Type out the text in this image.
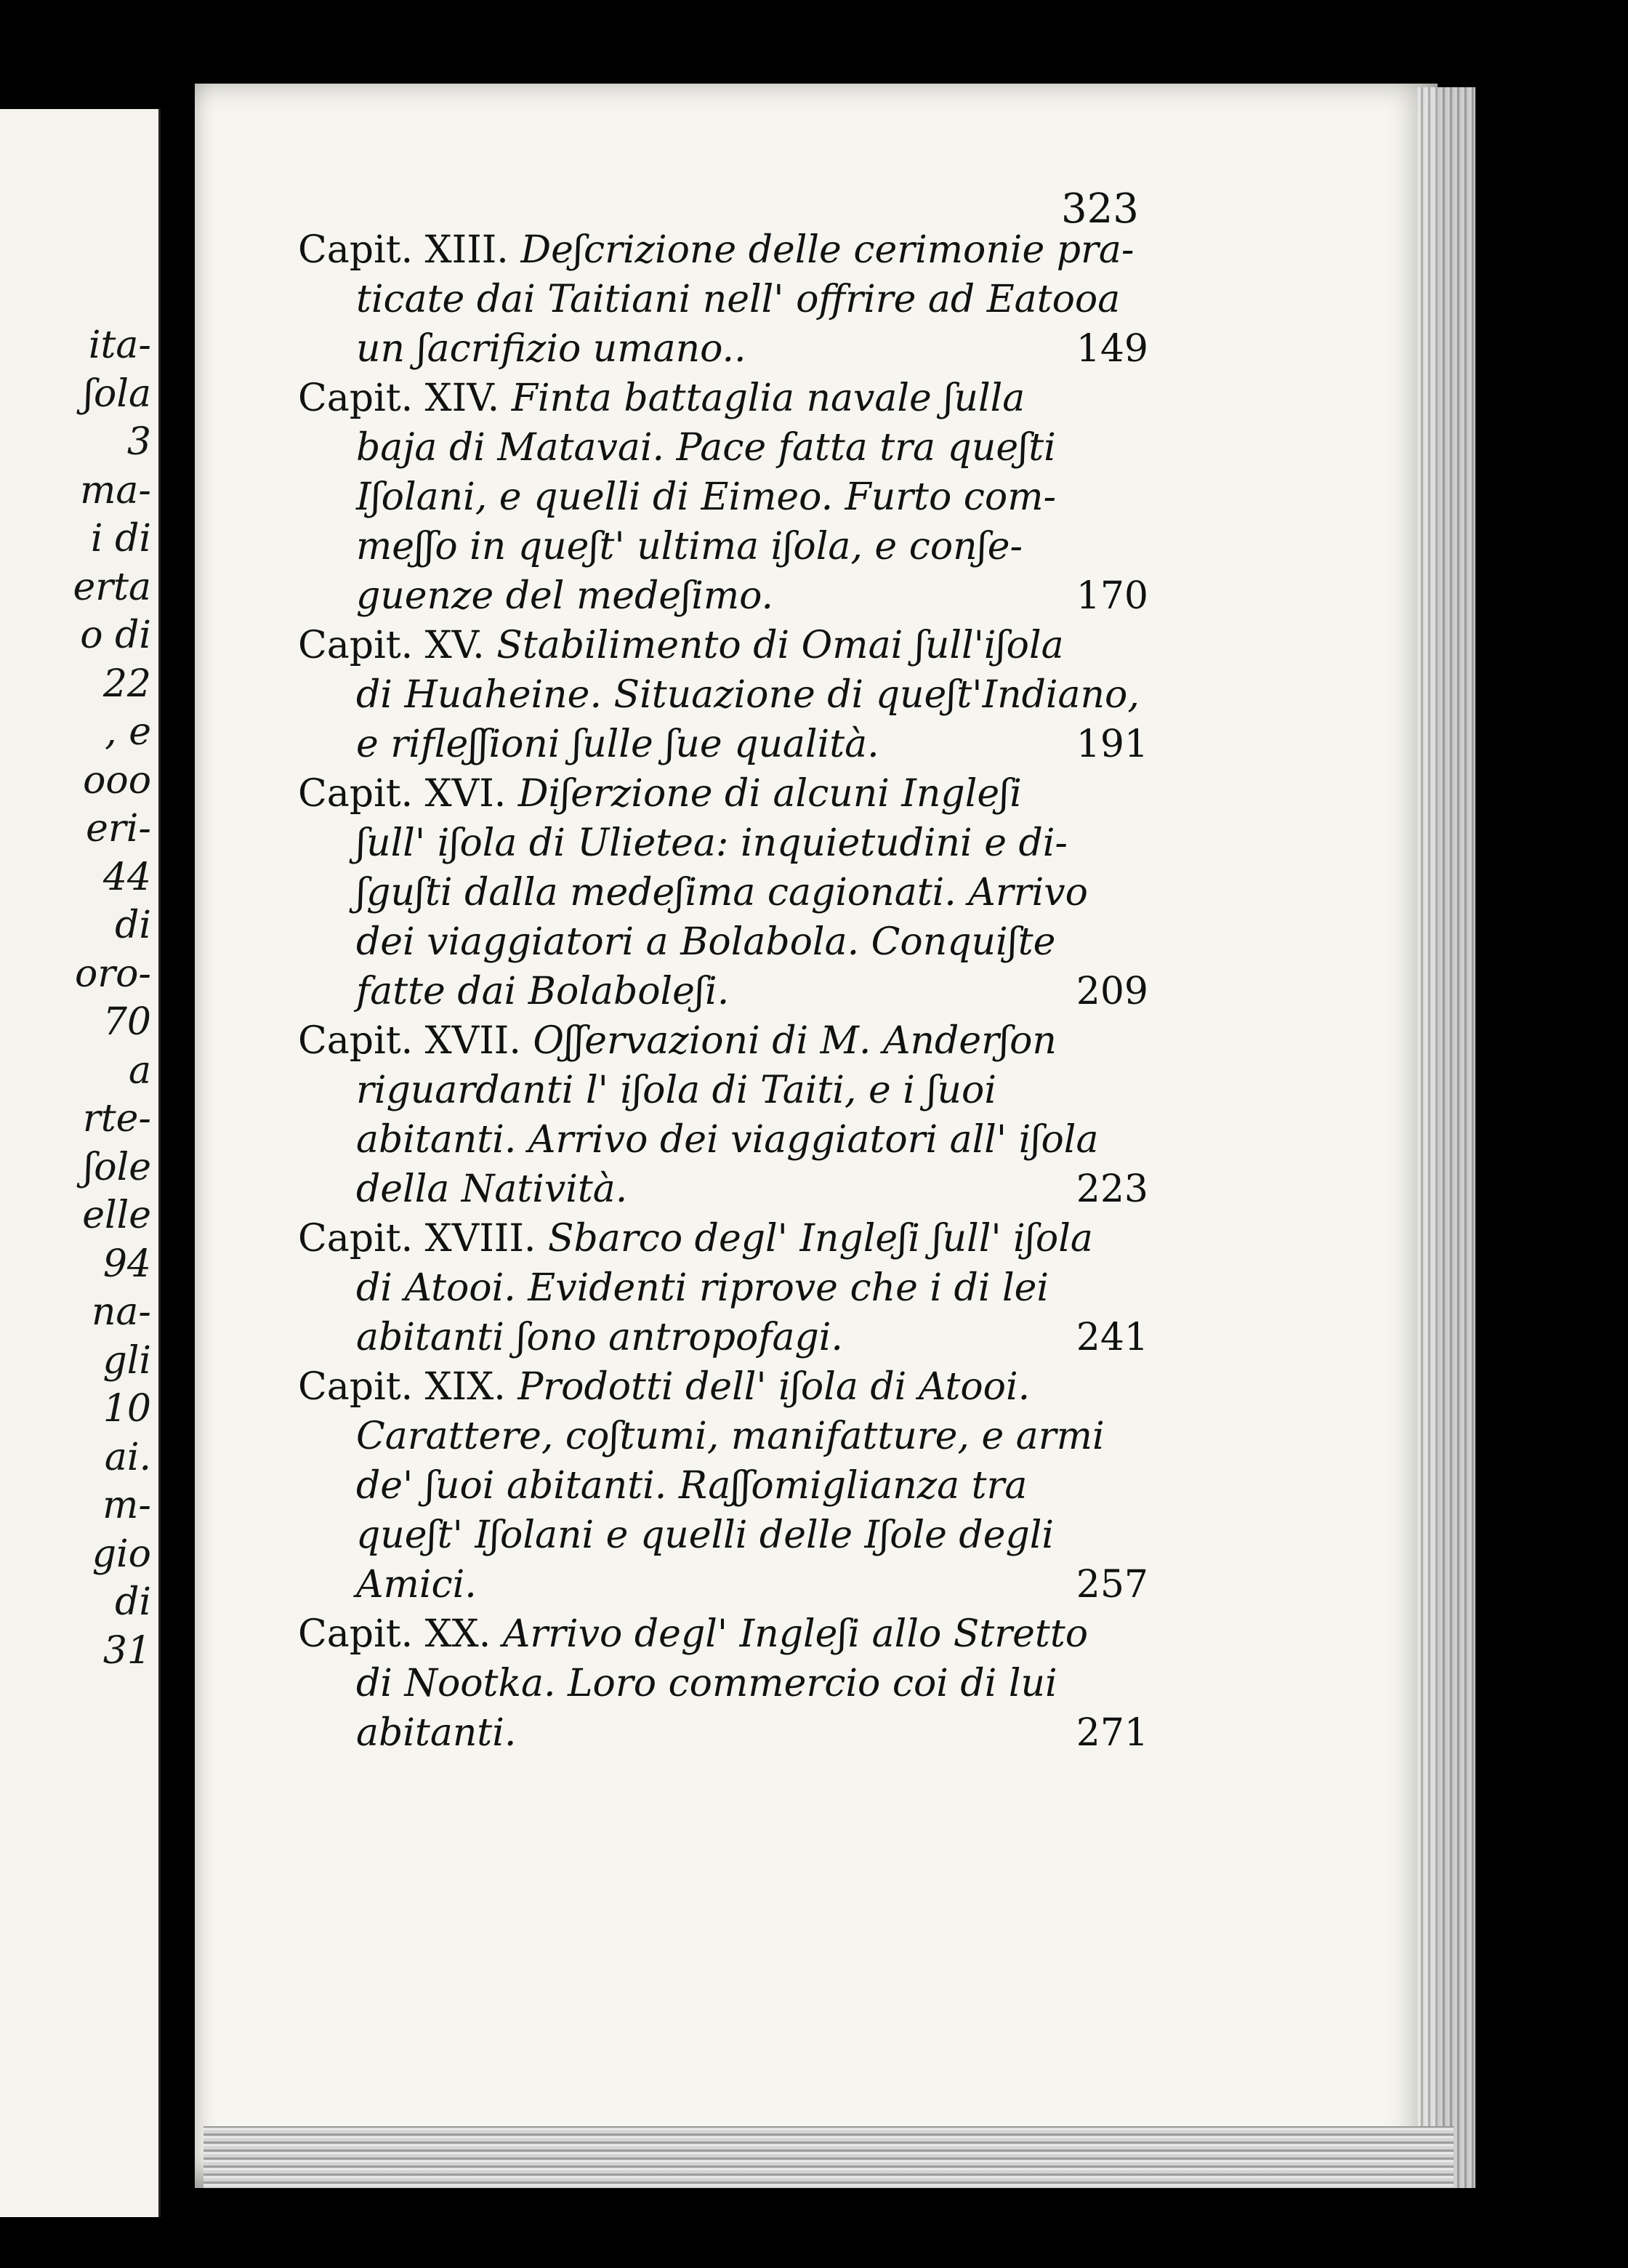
ita-
ʃola
3
ma-
i di
erta
o di
22
, e
ooo
eri-
44
di
oro-
70
a
rte-
ʃole
elle
94
na-
gli
10
ai.
m-
gio
di
31
323
Capit. XIII. Deʃcrizione delle cerimonie pra-
ticate dai Taitiani nell' offrire ad Eatooa
un ʃacrifizio umano..	149
Capit. XIV. Finta battaglia navale ʃulla
baja di Matavai. Pace fatta tra queʃti
Iʃolani, e quelli di Eimeo. Furto com-
meʃʃo in queʃt' ultima iʃola, e conʃe-
guenze del medeʃimo.	170
Capit. XV. Stabilimento di Omai ʃull'iʃola
di Huaheine. Situazione di queʃt'Indiano,
e rifleʃʃioni ʃulle ʃue qualità.	191
Capit. XVI. Diʃerzione di alcuni Ingleʃi
ʃull' iʃola di Ulietea: inquietudini e di-
ʃguʃti dalla medeʃima cagionati. Arrivo
dei viaggiatori a Bolabola. Conquiʃte
fatte dai Bolaboleʃi.	209
Capit. XVII. Oʃʃervazioni di M. Anderʃon
riguardanti l' iʃola di Taiti, e i ʃuoi
abitanti. Arrivo dei viaggiatori all' iʃola
della Natività.	223
Capit. XVIII. Sbarco degl' Ingleʃi ʃull' iʃola
di Atooi. Evidenti riprove che i di lei
abitanti ʃono antropofagi.	241
Capit. XIX. Prodotti dell' iʃola di Atooi.
Carattere, coʃtumi, manifatture, e armi
de' ʃuoi abitanti. Raʃʃomiglianza tra
queʃt' Iʃolani e quelli delle Iʃole degli
Amici.	257
Capit. XX. Arrivo degl' Ingleʃi allo Stretto
di Nootka. Loro commercio coi di lui
abitanti.	271
